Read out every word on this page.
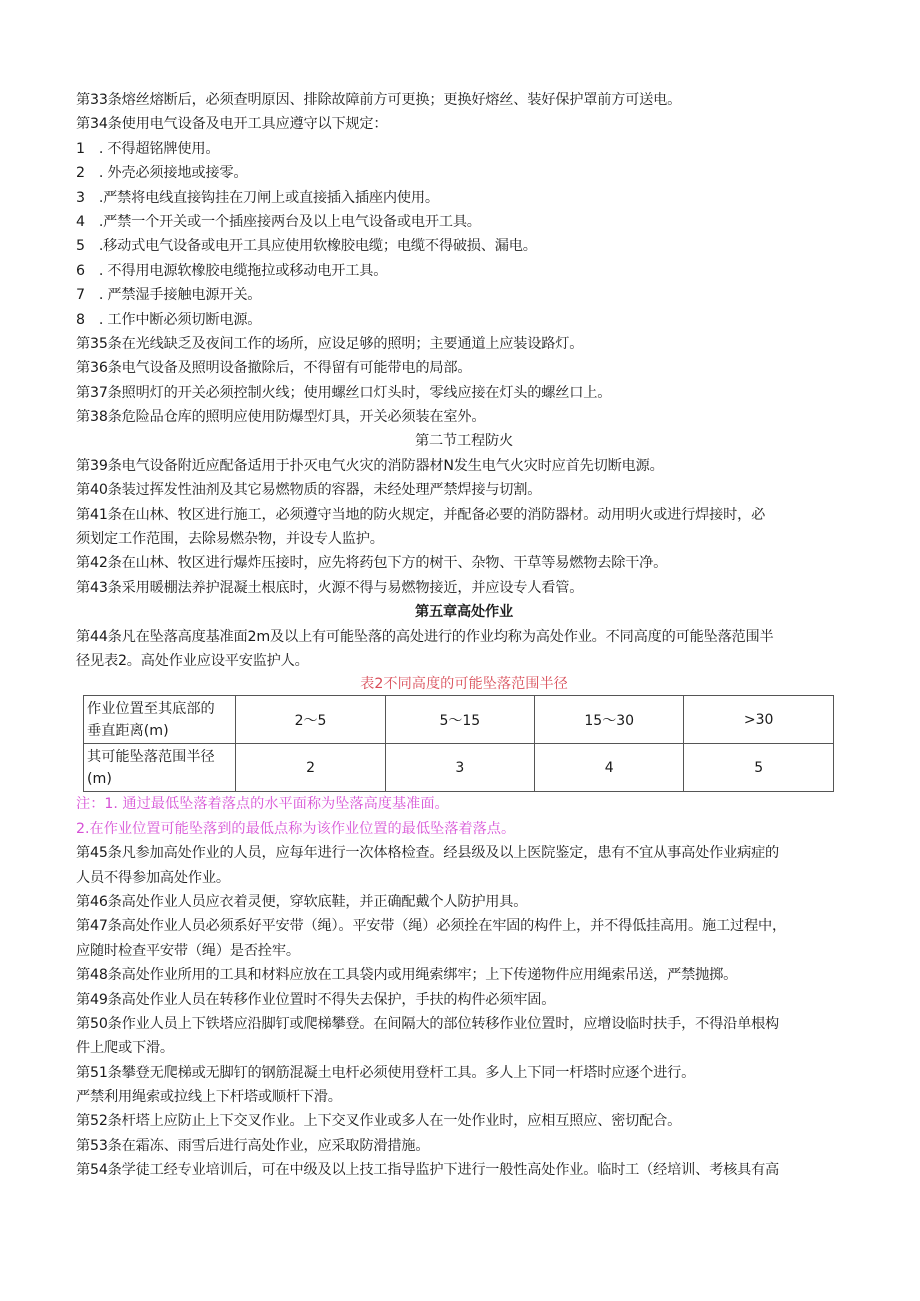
第33条熔丝熔断后，必须查明原因、排除故障前方可更换；更换好熔丝、装好保护罩前方可送电。
第34条使用电气设备及电开工具应遵守以下规定：
1　. 不得超铭牌使用。
2　. 外壳必须接地或接零。
3　.严禁将电线直接钩挂在刀闸上或直接插入插座内使用。
4　.严禁一个开关或一个插座接两台及以上电气设备或电开工具。
5　.移动式电气设备或电开工具应使用软橡胶电缆；电缆不得破损、漏电。
6　. 不得用电源软橡胶电缆拖拉或移动电开工具。
7　. 严禁湿手接触电源开关。
8　. 工作中断必须切断电源。
第35条在光线缺乏及夜间工作的场所，应设足够的照明；主要通道上应装设路灯。
第36条电气设备及照明设备撤除后，不得留有可能带电的局部。
第37条照明灯的开关必须控制火线；使用螺丝口灯头时，零线应接在灯头的螺丝口上。
第38条危险品仓库的照明应使用防爆型灯具，开关必须装在室外。
第二节工程防火
第39条电气设备附近应配备适用于扑灭电气火灾的消防器材N发生电气火灾时应首先切断电源。
第40条装过挥发性油剂及其它易燃物质的容器，未经处理严禁焊接与切割。
第41条在山林、牧区进行施工，必须遵守当地的防火规定，并配备必要的消防器材。动用明火或进行焊接时，必
须划定工作范围，去除易燃杂物，并设专人监护。
第42条在山林、牧区进行爆炸压接时，应先将药包下方的树干、杂物、干草等易燃物去除干净。
第43条采用暖棚法养护混凝土根底时，火源不得与易燃物接近，并应设专人看管。
第五章高处作业
第44条凡在坠落高度基准面2m及以上有可能坠落的高处进行的作业均称为高处作业。不同高度的可能坠落范围半
径见表2。高处作业应设平安监护人。
表2不同高度的可能坠落范围半径
作业位置至其底部的
垂直距离(m)	2～5	5～15	15～30	>30

其可能坠落范围半径
(m)	2	3	4	5
注：1. 通过最低坠落着落点的水平面称为坠落高度基准面。
2.在作业位置可能坠落到的最低点称为该作业位置的最低坠落着落点。
第45条凡参加高处作业的人员，应每年进行一次体格检查。经县级及以上医院鉴定，患有不宜从事高处作业病症的
人员不得参加高处作业。
第46条高处作业人员应衣着灵便，穿软底鞋，并正确配戴个人防护用具。
第47条高处作业人员必须系好平安带（绳）。平安带（绳）必须拴在牢固的构件上，并不得低挂高用。施工过程中，
应随时检查平安带（绳）是否拴牢。
第48条高处作业所用的工具和材料应放在工具袋内或用绳索绑牢；上下传递物件应用绳索吊送，严禁抛掷。
第49条高处作业人员在转移作业位置时不得失去保护，手扶的构件必须牢固。
第50条作业人员上下铁塔应沿脚钉或爬梯攀登。在间隔大的部位转移作业位置时，应增设临时扶手，不得沿单根构
件上爬或下滑。
第51条攀登无爬梯或无脚钉的钢筋混凝土电杆必须使用登杆工具。多人上下同一杆塔时应逐个进行。
严禁利用绳索或拉线上下杆塔或顺杆下滑。
第52条杆塔上应防止上下交叉作业。上下交叉作业或多人在一处作业时，应相互照应、密切配合。
第53条在霜冻、雨雪后进行高处作业，应采取防滑措施。
第54条学徒工经专业培训后，可在中级及以上技工指导监护下进行一般性高处作业。临时工（经培训、考核具有高
